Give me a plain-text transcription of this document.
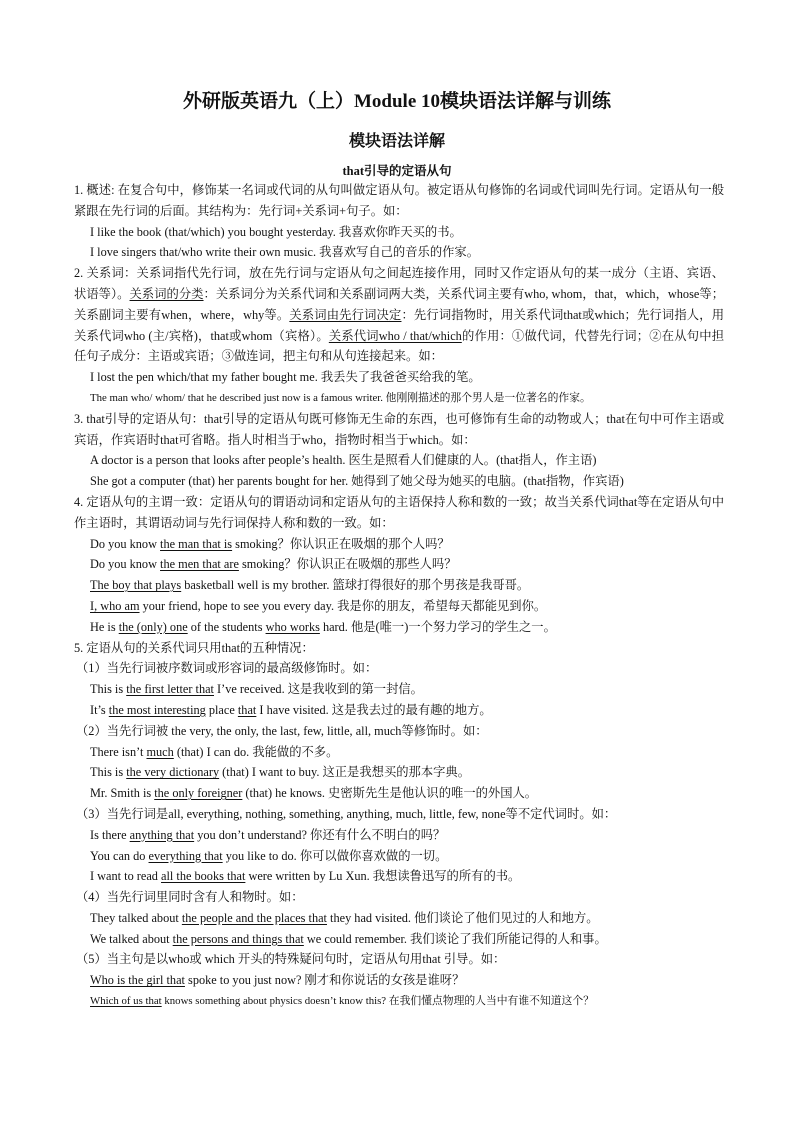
外研版英语九（上）Module 10模块语法详解与训练
模块语法详解
that引导的定语从句
1. 概述: 在复合句中，修饰某一名词或代词的从句叫做定语从句。被定语从句修饰的名词或代词叫先行词。定语从句一般紧跟在先行词的后面。其结构为：先行词+关系词+句子。如：
I like the book (that/which) you bought yesterday. 我喜欢你昨天买的书。
I love singers that/who write their own music. 我喜欢写自己的音乐的作家。
2. 关系词：关系词指代先行词，放在先行词与定语从句之间起连接作用，同时又作定语从句的某一成分（主语、宾语、状语等）。关系词的分类：关系词分为关系代词和关系副词两大类，关系代词主要有who, whom，that，which，whose等；关系副词主要有when，where，why等。关系词由先行词决定：先行词指物时，用关系代词that或which；先行词指人，用关系代词who (主/宾格)，that或whom（宾格）。关系代词who / that/which的作用：①做代词，代替先行词；②在从句中担任句子成分：主语或宾语；③做连词，把主句和从句连接起来。如：
I lost the pen which/that my father bought me. 我丢失了我爸爸买给我的笔。
The man who/ whom/ that he described just now is a famous writer. 他刚刚描述的那个男人是一位著名的作家。
3. that引导的定语从句：that引导的定语从句既可修饰无生命的东西，也可修饰有生命的动物或人；that在句中可作主语或宾语，作宾语时that可省略。指人时相当于who，指物时相当于which。如：
A doctor is a person that looks after people’s health. 医生是照看人们健康的人。(that指人，作主语)
She got a computer (that) her parents bought for her. 她得到了她父母为她买的电脑。(that指物，作宾语)
4. 定语从句的主谓一致：定语从句的谓语动词和定语从句的主语保持人称和数的一致；故当关系代词that等在定语从句中作主语时，其谓语动词与先行词保持人称和数的一致。如：
Do you know the man that is smoking？你认识正在吸烟的那个人吗？
Do you know the men that are smoking？你认识正在吸烟的那些人吗？
The boy that plays basketball well is my brother. 篮球打得很好的那个男孩是我哥哥。
I, who am your friend, hope to see you every day. 我是你的朋友，希望每天都能见到你。
He is the (only) one of the students who works hard. 他是(唯一)一个努力学习的学生之一。
5. 定语从句的关系代词只用that的五种情况：
（1）当先行词被序数词或形容词的最高级修饰时。如：
This is the first letter that I’ve received. 这是我收到的第一封信。
It’s the most interesting place that I have visited. 这是我去过的最有趣的地方。
（2）当先行词被 the very, the only, the last, few, little, all, much等修饰时。如：
There isn’t much (that) I can do. 我能做的不多。
This is the very dictionary (that) I want to buy. 这正是我想买的那本字典。
Mr. Smith is the only foreigner (that) he knows. 史密斯先生是他认识的唯一的外国人。
（3）当先行词是all, everything, nothing, something, anything, much, little, few, none等不定代词时。如：
Is there anything that you don’t understand? 你还有什么不明白的吗？
You can do everything that you like to do. 你可以做你喜欢做的一切。
I want to read all the books that were written by Lu Xun. 我想读鲁迅写的所有的书。
（4）当先行词里同时含有人和物时。如：
They talked about the people and the places that they had visited. 他们谈论了他们见过的人和地方。
We talked about the persons and things that we could remember. 我们谈论了我们所能记得的人和事。
（5）当主句是以who或 which 开头的特殊疑问句时，定语从句用that 引导。如：
Who is the girl that spoke to you just now? 刚才和你说话的女孩是谁呀？
Which of us that knows something about physics doesn’t know this? 在我们懂点物理的人当中有谁不知道这个？
